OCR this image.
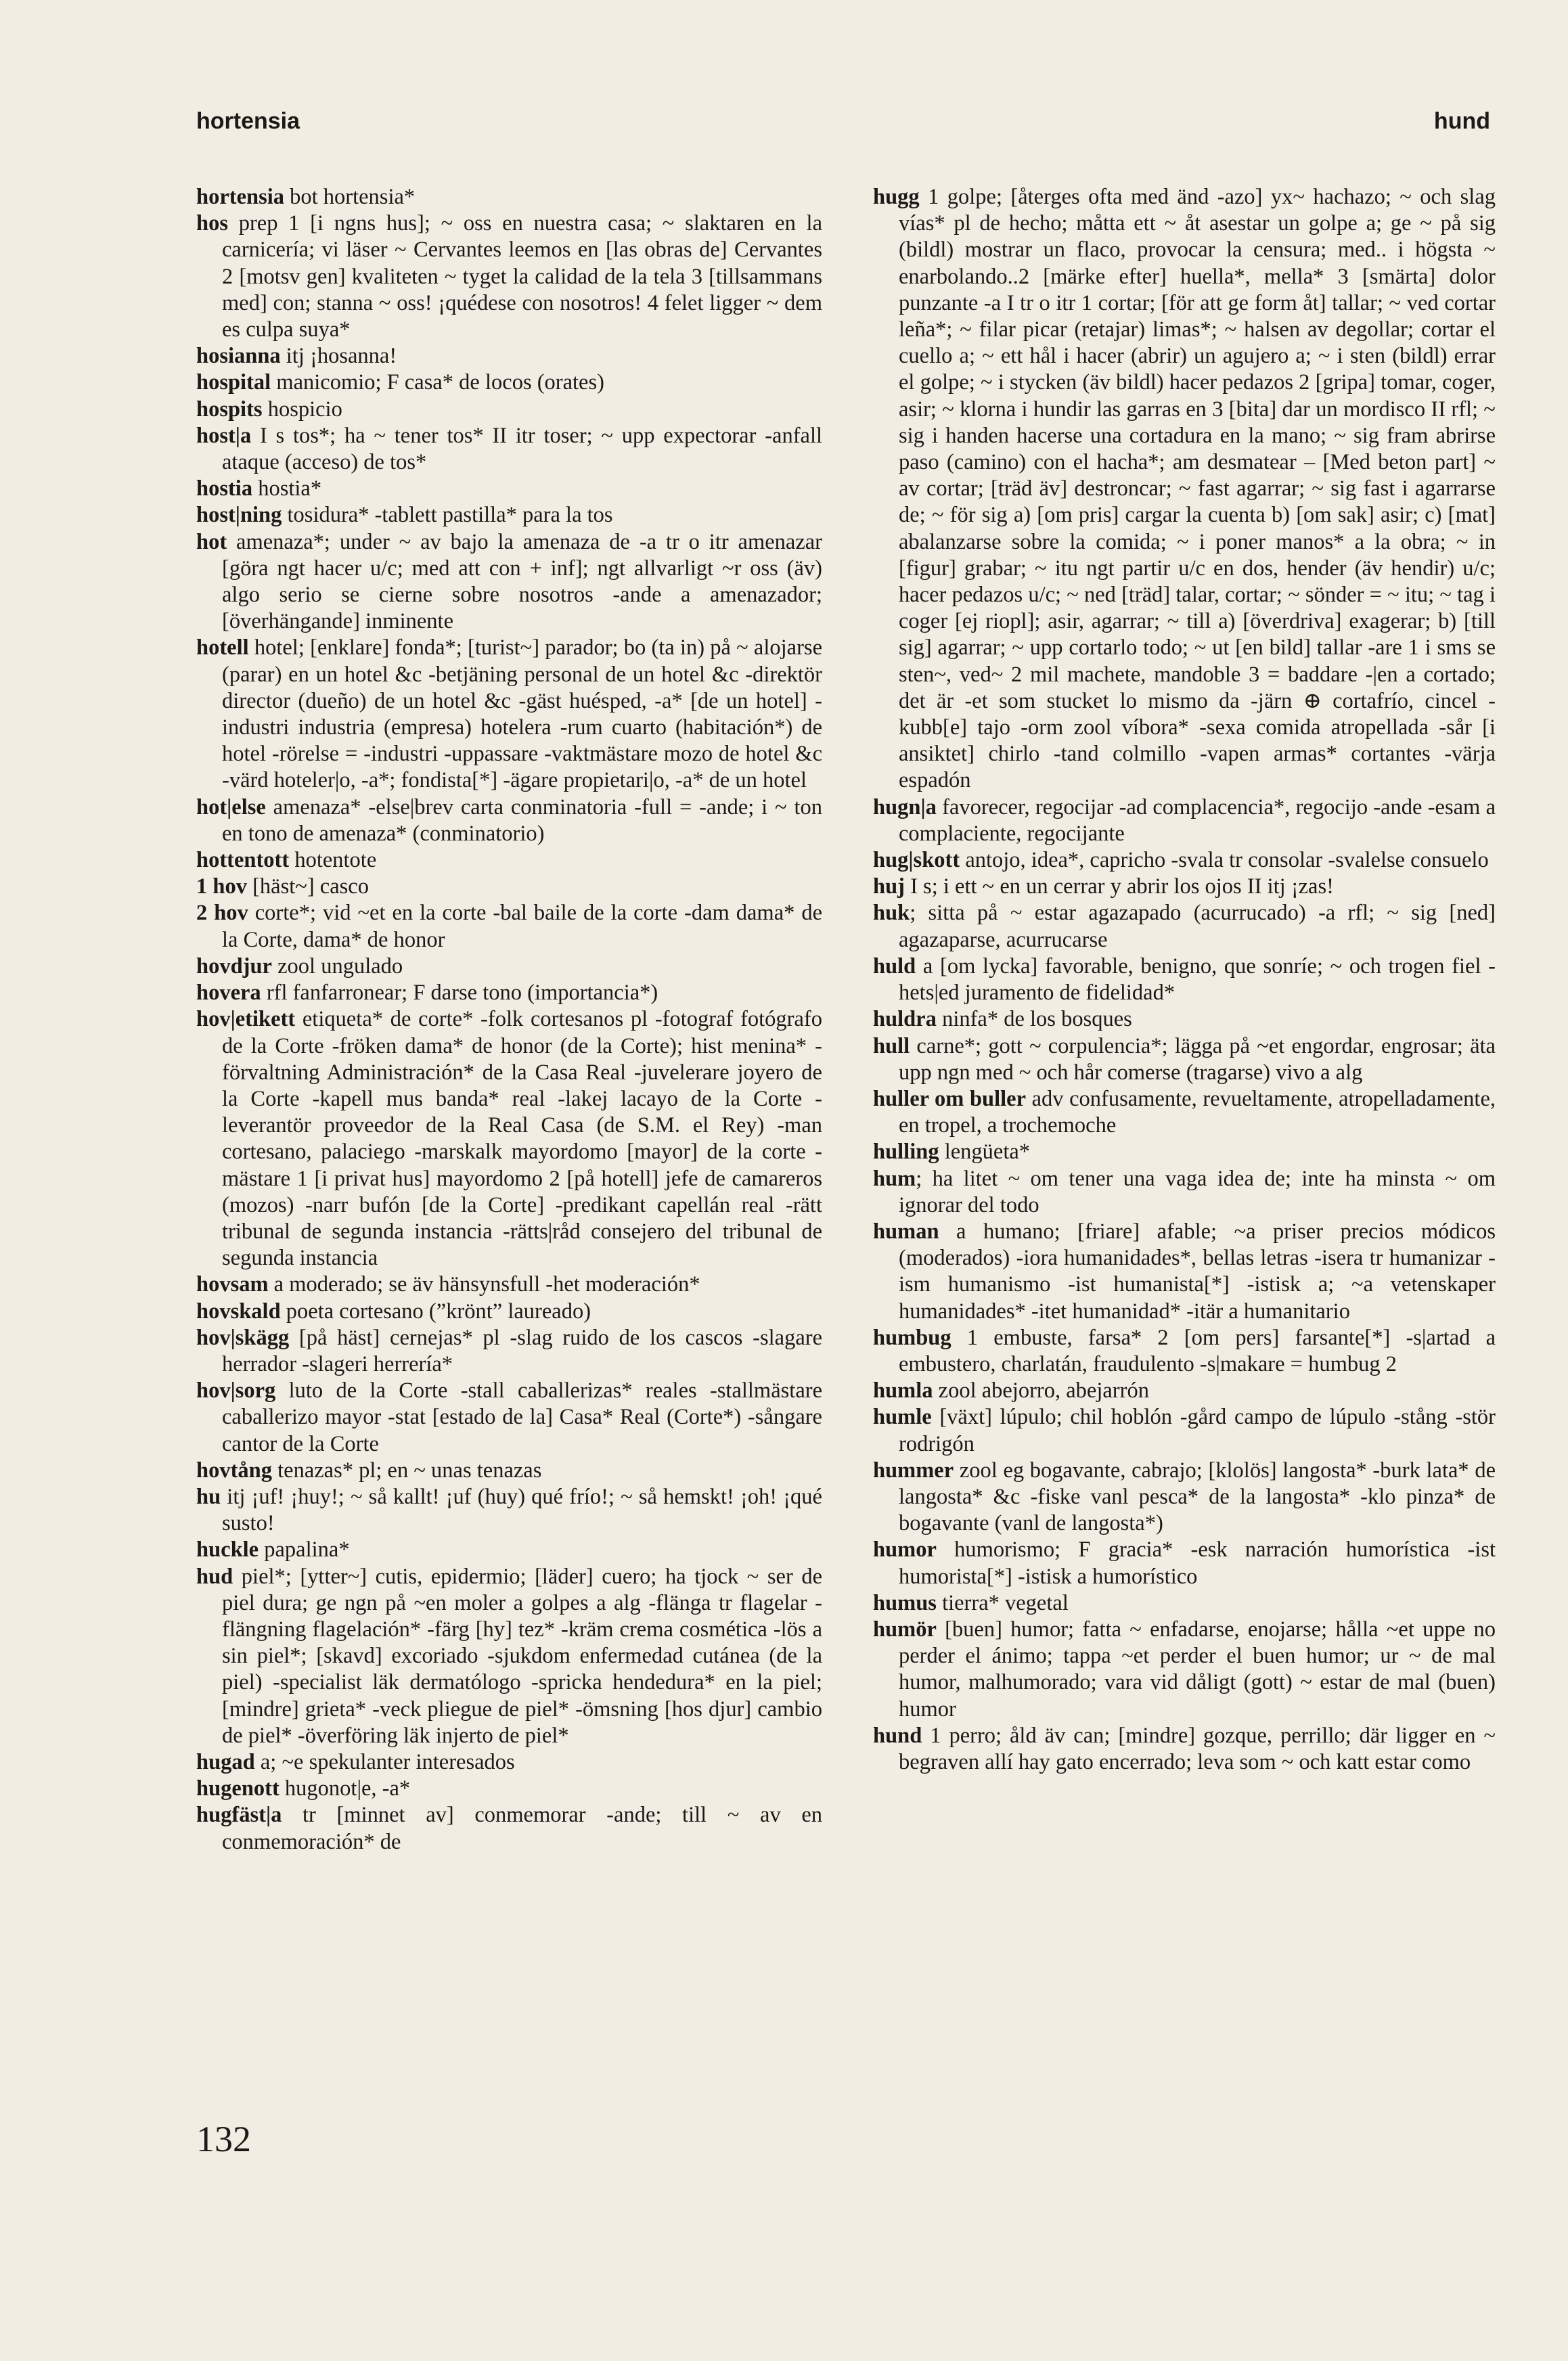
hortensia	hund

hortensia bot hortensia*

hos prep 1 [i ngns hus]; ~ oss en nuestra casa; ~ slaktaren en la carnicería; vi läser ~ Cervantes leemos en [las obras de] Cervantes 2 [motsv gen] kvaliteten ~ tyget la calidad de la tela 3 [tillsammans med] con; stanna ~ oss! ¡quédese con nosotros! 4 felet ligger ~ dem es culpa suya*

hosianna itj ¡hosanna!

hospital manicomio; F casa* de locos (orates)

hospits hospicio

host|a I s tos*; ha ~ tener tos* II itr toser; ~ upp expectorar -anfall ataque (acceso) de tos*

hostia hostia*

host|ning tosidura* -tablett pastilla* para la tos

hot amenaza*; under ~ av bajo la amenaza de -a tr o itr amenazar [göra ngt hacer u/c; med att con + inf]; ngt allvarligt ~r oss (äv) algo serio se cierne sobre nosotros -ande a amenazador; [överhängande] inminente

hotell hotel; [enklare] fonda*; [turist~] parador; bo (ta in) på ~ alojarse (parar) en un hotel &c -betjäning personal de un hotel &c -direktör director (dueño) de un hotel &c -gäst huésped, -a* [de un hotel] -industri industria (empresa) hotelera -rum cuarto (habitación*) de hotel -rörelse = -industri -uppassare -vaktmästare mozo de hotel &c -värd hoteler|o, -a*; fondista[*] -ägare propietari|o, -a* de un hotel

hot|else amenaza* -else|brev carta conminatoria -full = -ande; i ~ ton en tono de amenaza* (conminatorio)

hottentott hotentote

1 hov [häst~] casco

2 hov corte*; vid ~et en la corte -bal baile de la corte -dam dama* de la Corte, dama* de honor

hovdjur zool ungulado

hovera rfl fanfarronear; F darse tono (importancia*)

hov|etikett etiqueta* de corte* -folk cortesanos pl -fotograf fotógrafo de la Corte -fröken dama* de honor (de la Corte); hist menina* -förvaltning Administración* de la Casa Real -juvelerare joyero de la Corte -kapell mus banda* real -lakej lacayo de la Corte -leverantör proveedor de la Real Casa (de S.M. el Rey) -man cortesano, palaciego -marskalk mayordomo [mayor] de la corte -mästare 1 [i privat hus] mayordomo 2 [på hotell] jefe de camareros (mozos) -narr bufón [de la Corte] -predikant capellán real -rätt tribunal de segunda instancia -rätts|råd consejero del tribunal de segunda instancia

hovsam a moderado; se äv hänsynsfull -het moderación*

hovskald poeta cortesano (”krönt” laureado)

hov|skägg [på häst] cernejas* pl -slag ruido de los cascos -slagare herrador -slageri herrería*

hov|sorg luto de la Corte -stall caballerizas* reales -stallmästare caballerizo mayor -stat [estado de la] Casa* Real (Corte*) -sångare cantor de la Corte

hovtång tenazas* pl; en ~ unas tenazas

hu itj ¡uf! ¡huy!; ~ så kallt! ¡uf (huy) qué frío!; ~ så hemskt! ¡oh! ¡qué susto!

huckle papalina*

hud piel*; [ytter~] cutis, epidermio; [läder] cuero; ha tjock ~ ser de piel dura; ge ngn på ~en moler a golpes a alg -flänga tr flagelar -flängning flagelación* -färg [hy] tez* -kräm crema cosmética -lös a sin piel*; [skavd] excoriado -sjukdom enfermedad cutánea (de la piel) -specialist läk dermatólogo -spricka hendedura* en la piel; [mindre] grieta* -veck pliegue de piel* -ömsning [hos djur] cambio de piel* -överföring läk injerto de piel*

hugad a; ~e spekulanter interesados

hugenott hugonot|e, -a*

hugfäst|a tr [minnet av] conmemorar -ande; till ~ av en conmemoración* de

hugg 1 golpe; [återges ofta med änd -azo] yx~ hachazo; ~ och slag vías* pl de hecho; måtta ett ~ åt asestar un golpe a; ge ~ på sig (bildl) mostrar un flaco, provocar la censura; med.. i högsta ~ enarbolando..2 [märke efter] huella*, mella* 3 [smärta] dolor punzante -a I tr o itr 1 cortar; [för att ge form åt] tallar; ~ ved cortar leña*; ~ filar picar (retajar) limas*; ~ halsen av degollar; cortar el cuello a; ~ ett hål i hacer (abrir) un agujero a; ~ i sten (bildl) errar el golpe; ~ i stycken (äv bildl) hacer pedazos 2 [gripa] tomar, coger, asir; ~ klorna i hundir las garras en 3 [bita] dar un mordisco II rfl; ~ sig i handen hacerse una cortadura en la mano; ~ sig fram abrirse paso (camino) con el hacha*; am desmatear – [Med beton part] ~ av cortar; [träd äv] destroncar; ~ fast agarrar; ~ sig fast i agarrarse de; ~ för sig a) [om pris] cargar la cuenta b) [om sak] asir; c) [mat] abalanzarse sobre la comida; ~ i poner manos* a la obra; ~ in [figur] grabar; ~ itu ngt partir u/c en dos, hender (äv hendir) u/c; hacer pedazos u/c; ~ ned [träd] talar, cortar; ~ sönder = ~ itu; ~ tag i coger [ej riopl]; asir, agarrar; ~ till a) [överdriva] exagerar; b) [till sig] agarrar; ~ upp cortarlo todo; ~ ut [en bild] tallar -are 1 i sms se sten~, ved~ 2 mil machete, mandoble 3 = baddare -|en a cortado; det är -et som stucket lo mismo da -järn ⊕ cortafrío, cincel -kubb[e] tajo -orm zool víbora* -sexa comida atropellada -sår [i ansiktet] chirlo -tand colmillo -vapen armas* cortantes -värja espadón

hugn|a favorecer, regocijar -ad complacencia*, regocijo -ande -esam a complaciente, regocijante

hug|skott antojo, idea*, capricho -svala tr consolar -svalelse consuelo

huj I s; i ett ~ en un cerrar y abrir los ojos II itj ¡zas!

huk; sitta på ~ estar agazapado (acurrucado) -a rfl; ~ sig [ned] agazaparse, acurrucarse

huld a [om lycka] favorable, benigno, que sonríe; ~ och trogen fiel -hets|ed juramento de fidelidad*

huldra ninfa* de los bosques

hull carne*; gott ~ corpulencia*; lägga på ~et engordar, engrosar; äta upp ngn med ~ och hår comerse (tragarse) vivo a alg

huller om buller adv confusamente, revueltamente, atropelladamente, en tropel, a trochemoche

hulling lengüeta*

hum; ha litet ~ om tener una vaga idea de; inte ha minsta ~ om ignorar del todo

human a humano; [friare] afable; ~a priser precios módicos (moderados) -iora humanidades*, bellas letras -isera tr humanizar -ism humanismo -ist humanista[*] -istisk a; ~a vetenskaper humanidades* -itet humanidad* -itär a humanitario

humbug 1 embuste, farsa* 2 [om pers] farsante[*] -s|artad a embustero, charlatán, fraudulento -s|makare = humbug 2

humla zool abejorro, abejarrón

humle [växt] lúpulo; chil hoblón -gård campo de lúpulo -stång -stör rodrigón

hummer zool eg bogavante, cabrajo; [klolös] langosta* -burk lata* de langosta* &c -fiske vanl pesca* de la langosta* -klo pinza* de bogavante (vanl de langosta*)

humor humorismo; F gracia* -esk narración humorística -ist humorista[*] -istisk a humorístico

humus tierra* vegetal

humör [buen] humor; fatta ~ enfadarse, enojarse; hålla ~et uppe no perder el ánimo; tappa ~et perder el buen humor; ur ~ de mal humor, malhumorado; vara vid dåligt (gott) ~ estar de mal (buen) humor

hund 1 perro; åld äv can; [mindre] gozque, perrillo; där ligger en ~ begraven allí hay gato encerrado; leva som ~ och katt estar como

132
